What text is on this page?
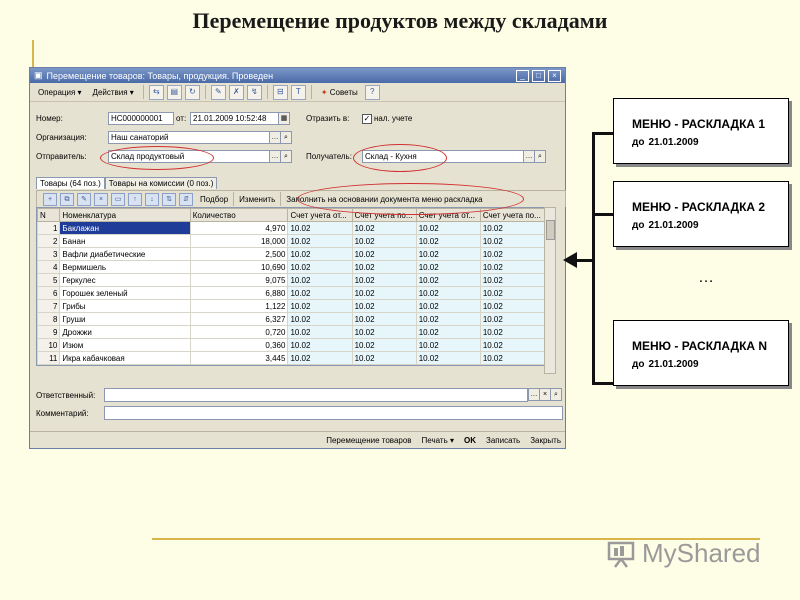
Перемещение продуктов между складами
▣ Перемещение товаров: Товары, продукция. Проведен	_	□	×
Операция ▾	Действия ▾	⇆	▤	↻	✎	✗	↯	⊟	T	✦ Советы	?
Номер:	НС000000001	от: 21.01.2009 10:52:48	▦	Отразить в: ✓ нал. учете
Организация:	Наш санаторий	… ⌕
Отправитель:	Склад продуктовый	… ⌕	Получатель:	Склад - Кухня	… ⌕
Товары (64 поз.)	Товары на комиссии (0 поз.)
+	⧉	✎	×	▭	↑	↓	⇅	⇵	Подбор Изменить Заполнить на основании документа меню раскладка
N	Номенклатура	Количество	Счет учета от...	Счет учета по...	Счет учета от...	Счет учета по...
1	Баклажан	4,970	10.02	10.02	10.02	10.02
2	Банан	18,000	10.02	10.02	10.02	10.02
3	Вафли диабетические	2,500	10.02	10.02	10.02	10.02
4	Вермишель	10,690	10.02	10.02	10.02	10.02
5	Геркулес	9,075	10.02	10.02	10.02	10.02
6	Горошек зеленый	6,880	10.02	10.02	10.02	10.02
7	Грибы	1,122	10.02	10.02	10.02	10.02
8	Груши	6,327	10.02	10.02	10.02	10.02
9	Дрожжи	0,720	10.02	10.02	10.02	10.02
10	Изюм	0,360	10.02	10.02	10.02	10.02
11	Икра кабачковая	3,445	10.02	10.02	10.02	10.02
Ответственный:	… × ⌕
Комментарий:
Перемещение товаров Печать ▾ OK Записать Закрыть
МЕНЮ - РАСКЛАДКА 1
до 21.01.2009
МЕНЮ - РАСКЛАДКА 2
до 21.01.2009
…
МЕНЮ - РАСКЛАДКА N
до 21.01.2009
MyShared
